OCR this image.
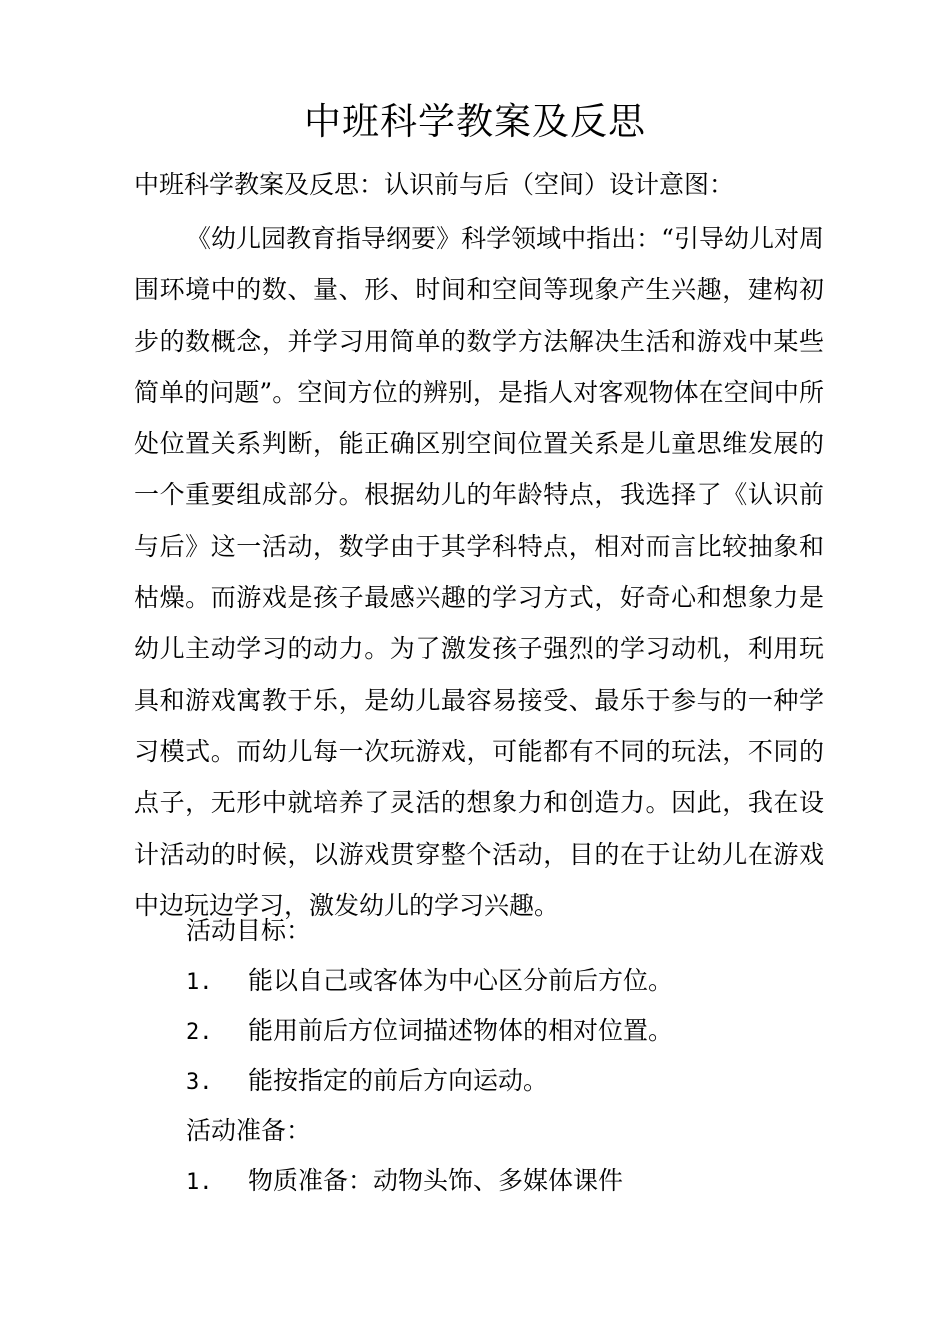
中班科学教案及反思
中班科学教案及反思：认识前与后（空间）设计意图：
《幼儿园教育指导纲要》科学领域中指出：“引导幼儿对周围环境中的数、量、形、时间和空间等现象产生兴趣，建构初步的数概念，并学习用简单的数学方法解决生活和游戏中某些简单的问题”。空间方位的辨别，是指人对客观物体在空间中所处位置关系判断，能正确区别空间位置关系是儿童思维发展的一个重要组成部分。根据幼儿的年龄特点，我选择了《认识前与后》这一活动，数学由于其学科特点，相对而言比较抽象和枯燥。而游戏是孩子最感兴趣的学习方式，好奇心和想象力是幼儿主动学习的动力。为了激发孩子强烈的学习动机，利用玩具和游戏寓教于乐，是幼儿最容易接受、最乐于参与的一种学习模式。而幼儿每一次玩游戏，可能都有不同的玩法，不同的点子，无形中就培养了灵活的想象力和创造力。因此，我在设计活动的时候，以游戏贯穿整个活动，目的在于让幼儿在游戏中边玩边学习，激发幼儿的学习兴趣。
活动目标：
1. 能以自己或客体为中心区分前后方位。
2. 能用前后方位词描述物体的相对位置。
3. 能按指定的前后方向运动。
活动准备：
1. 物质准备：动物头饰、多媒体课件
